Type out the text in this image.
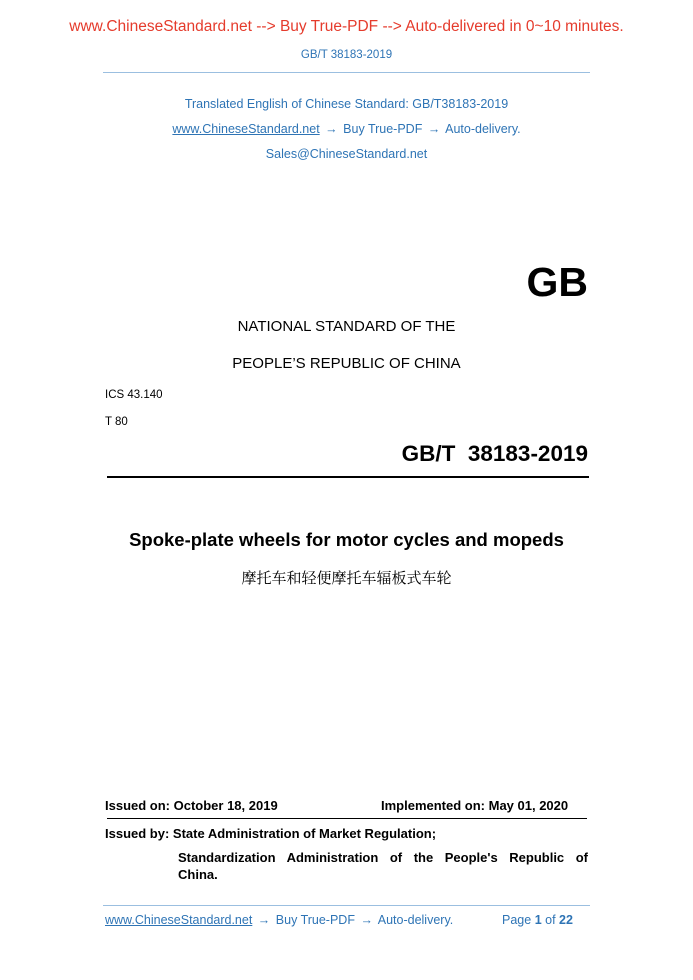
www.ChineseStandard.net --> Buy True-PDF --> Auto-delivered in 0~10 minutes.
GB/T 38183-2019
Translated English of Chinese Standard: GB/T38183-2019
www.ChineseStandard.net → Buy True-PDF → Auto-delivery.
Sales@ChineseStandard.net
GB
NATIONAL STANDARD OF THE
PEOPLE’S REPUBLIC OF CHINA
ICS 43.140
T 80
GB/T  38183-2019
Spoke-plate wheels for motor cycles and mopeds
摩托车和轻便摩托车辐板式车轮
Issued on: October 18, 2019	Implemented on: May 01, 2020
Issued by: State Administration of Market Regulation;
Standardization Administration of the People's Republic of
China.
www.ChineseStandard.net → Buy True-PDF → Auto-delivery.	Page 1 of 22
